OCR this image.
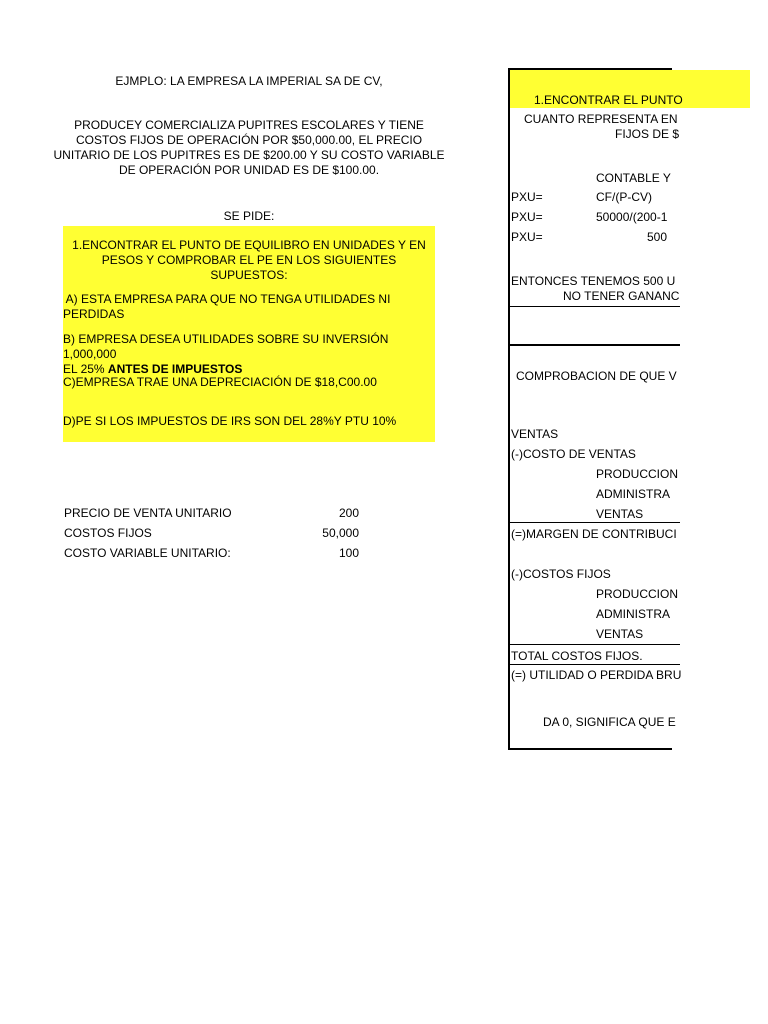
EJMPLO: LA EMPRESA LA IMPERIAL SA DE CV,
PRODUCEY COMERCIALIZA PUPITRES ESCOLARES Y TIENE
COSTOS FIJOS DE OPERACIÓN POR $50,000.00, EL PRECIO
UNITARIO DE LOS PUPITRES ES DE $200.00 Y SU COSTO VARIABLE
DE OPERACIÓN POR UNIDAD ES DE $100.00.
SE PIDE:
1.ENCONTRAR EL PUNTO DE EQUILIBRO EN UNIDADES Y EN
PESOS Y COMPROBAR EL PE EN LOS SIGUIENTES SUPUESTOS:
A) ESTA EMPRESA PARA QUE NO TENGA UTILIDADES NI
PERDIDAS
B) EMPRESA DESEA UTILIDADES SOBRE SU INVERSIÓN 1,000,000
EL 25% ANTES DE IMPUESTOS
C)EMPRESA TRAE UNA DEPRECIACIÓN DE $18,C00.00
D)PE SI LOS IMPUESTOS DE IRS SON DEL 28%Y PTU 10%
PRECIO DE VENTA UNITARIO	200
COSTOS FIJOS	50,000
COSTO VARIABLE UNITARIO:	100
1.ENCONTRAR EL PUNTO
CUANTO REPRESENTA EN
FIJOS DE $
CONTABLE Y
PXU=	CF/(P-CV)
PXU=	50000/(200-1
PXU=	500
ENTONCES TENEMOS 500 U
NO TENER GANANC
COMPROBACION DE QUE V
VENTAS
(-)COSTO DE VENTAS
PRODUCCION
ADMINISTRA
VENTAS
(=)MARGEN DE CONTRIBUCI
(-)COSTOS FIJOS
PRODUCCION
ADMINISTRA
VENTAS
TOTAL COSTOS FIJOS.
(=) UTILIDAD O PERDIDA BRU
DA 0, SIGNIFICA QUE E
